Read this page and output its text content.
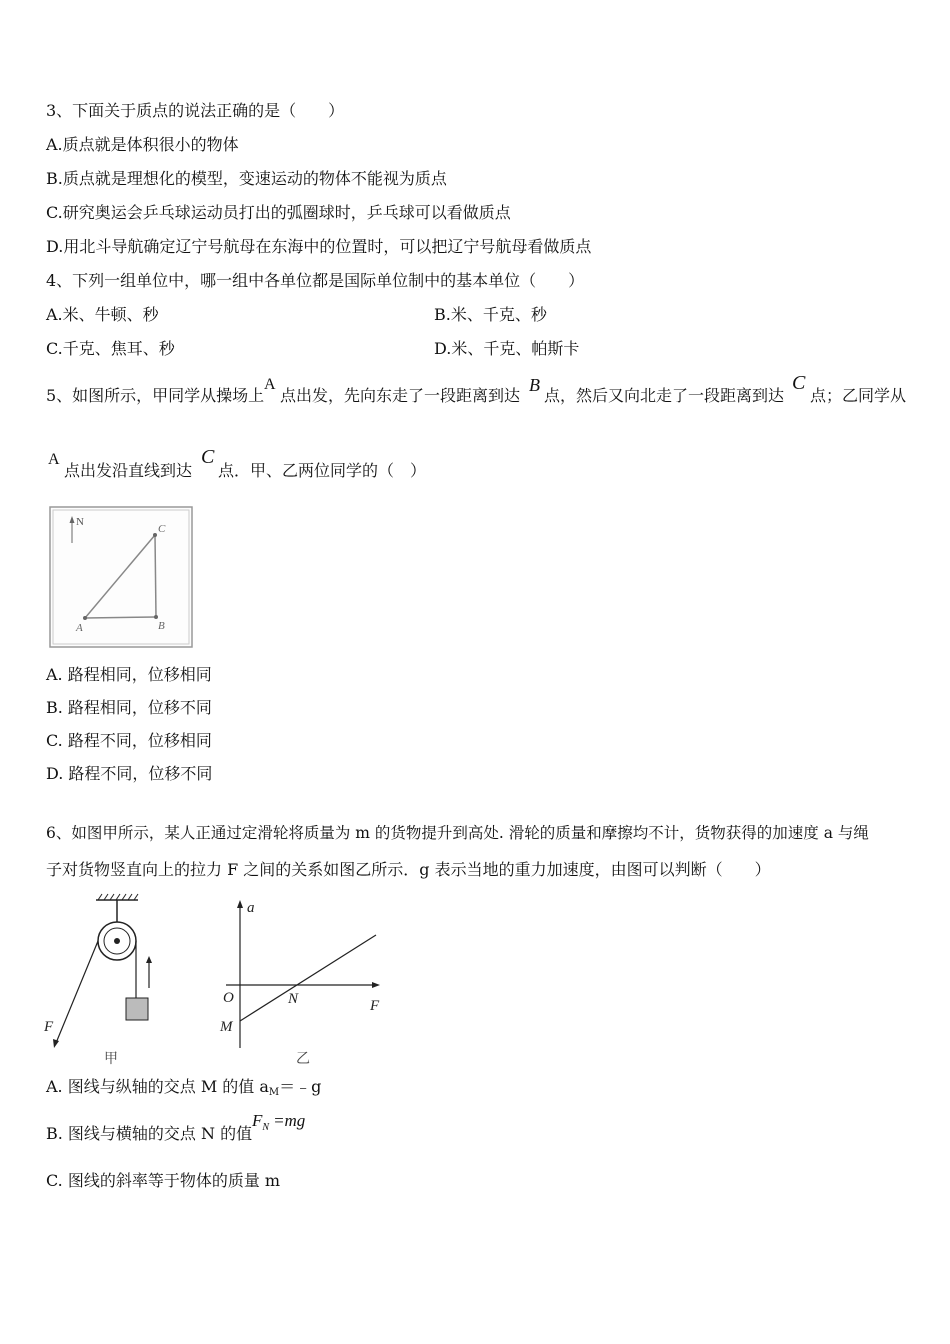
3、下面关于质点的说法正确的是（　　）
A.质点就是体积很小的物体
B.质点就是理想化的模型，变速运动的物体不能视为质点
C.研究奥运会乒乓球运动员打出的弧圈球时，乒乓球可以看做质点
D.用北斗导航确定辽宁号航母在东海中的位置时，可以把辽宁号航母看做质点
4、下列一组单位中，哪一组中各单位都是国际单位制中的基本单位（　　）
A.米、牛顿、秒	B.米、千克、秒
C.千克、焦耳、秒	D.米、千克、帕斯卡
5、如图所示，甲同学从操场上
A
点出发，先向东走了一段距离到达
B
点，然后又向北走了一段距离到达
C
点；乙同学从
A
点出发沿直线到达
C
点．甲、乙两位同学的（　）
N
A	B
C
A. 路程相同，位移相同
B. 路程相同，位移不同
C. 路程不同，位移相同
D. 路程不同，位移不同
6、如图甲所示，某人正通过定滑轮将质量为 m 的货物提升到高处. 滑轮的质量和摩擦均不计，货物获得的加速度 a 与绳
子对货物竖直向上的拉力 F 之间的关系如图乙所示．g 表示当地的重力加速度，由图可以判断（　　）
F
甲
a
F
O
M
N
乙
A. 图线与纵轴的交点 M 的值 aM＝﹣g
B. 图线与横轴的交点 N 的值
$F_N =mg$
C. 图线的斜率等于物体的质量 m
